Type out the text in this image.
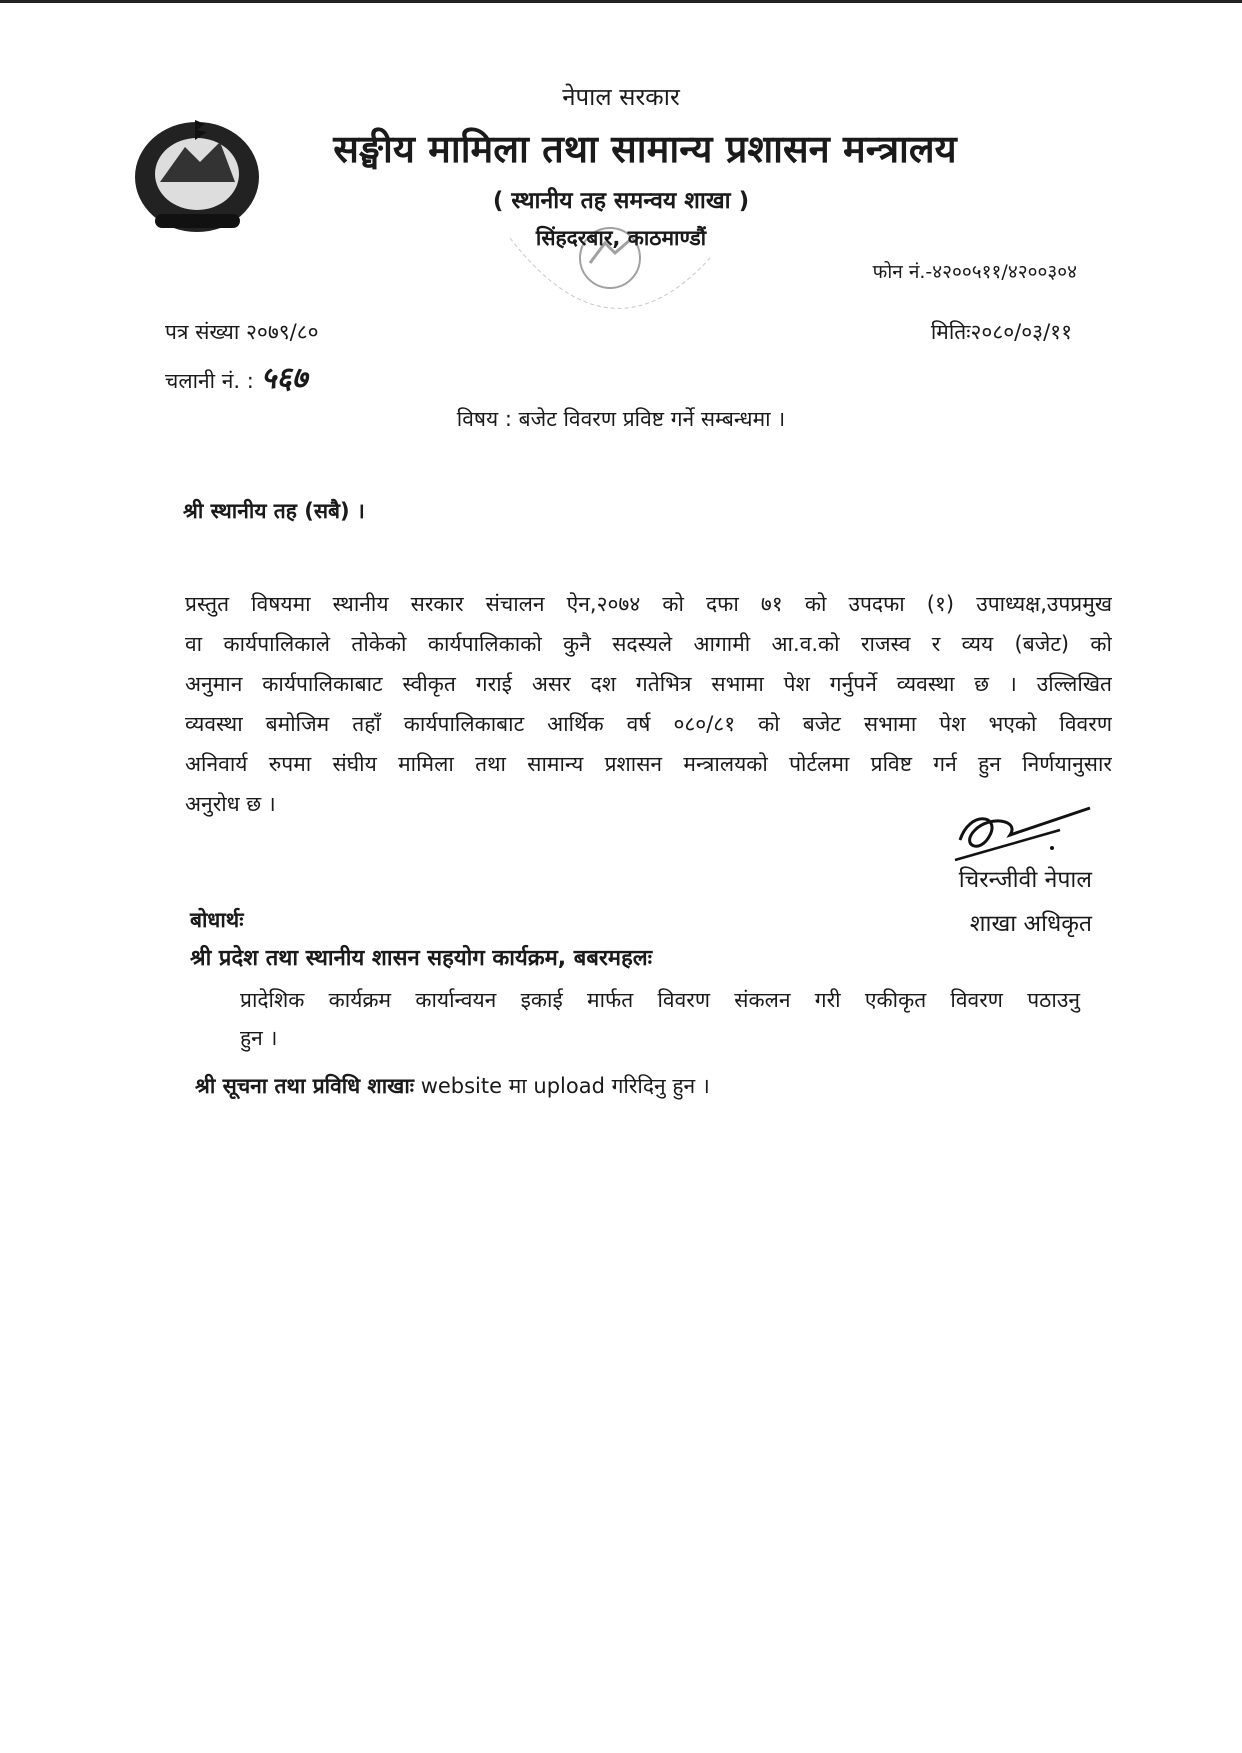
नेपाल सरकार
सङ्घीय मामिला तथा सामान्य प्रशासन मन्त्रालय
( स्थानीय तह समन्वय शाखा )
सिंहदरबार, काठमाण्डौं
फोन नं.-४२००५११/४२००३०४
पत्र संख्या २०७९/८०
चलानी नं. : ५६७
मितिः२०८०/०३/११
विषय : बजेट विवरण प्रविष्ट गर्ने सम्बन्धमा ।
श्री स्थानीय तह (सबै) ।
प्रस्तुत विषयमा स्थानीय सरकार संचालन ऐन,२०७४ को दफा ७१ को उपदफा (१) उपाध्यक्ष,उपप्रमुख
वा कार्यपालिकाले तोकेको कार्यपालिकाको कुनै सदस्यले आगामी आ.व.को राजस्व र व्यय (बजेट) को
अनुमान कार्यपालिकाबाट स्वीकृत गराई असर दश गतेभित्र सभामा पेश गर्नुपर्ने व्यवस्था छ । उल्लिखित
व्यवस्था बमोजिम तहाँ कार्यपालिकाबाट आर्थिक वर्ष ०८०/८१ को बजेट सभामा पेश भएको विवरण
अनिवार्य रुपमा संघीय मामिला तथा सामान्य प्रशासन मन्त्रालयको पोर्टलमा प्रविष्ट गर्न हुन निर्णयानुसार
अनुरोध छ ।
चिरन्जीवी नेपाल
शाखा अधिकृत
बोधार्थः
श्री प्रदेश तथा स्थानीय शासन सहयोग कार्यक्रम, बबरमहलः
प्रादेशिक कार्यक्रम कार्यान्वयन इकाई मार्फत विवरण संकलन गरी एकीकृत विवरण पठाउनु
हुन ।
श्री सूचना तथा प्रविधि शाखाः website मा upload गरिदिनु हुन ।
